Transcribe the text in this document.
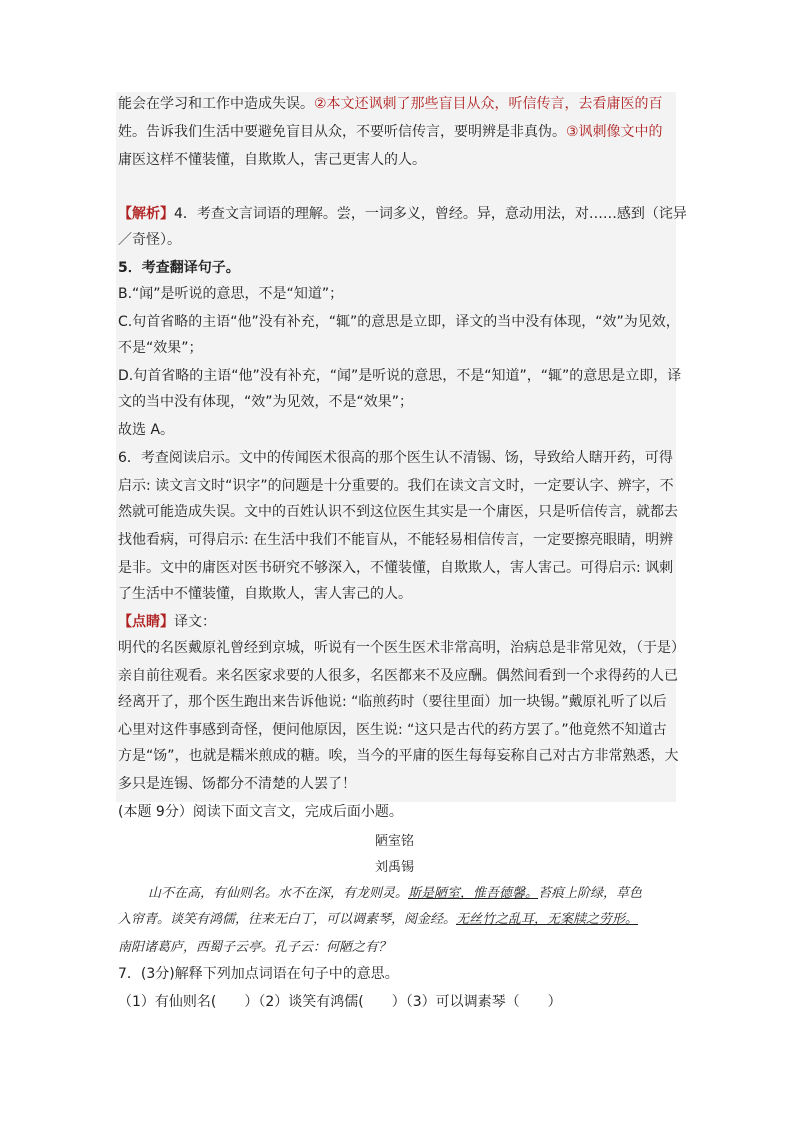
能会在学习和工作中造成失误。②本文还讽刺了那些盲目从众，听信传言，去看庸医的百
姓。告诉我们生活中要避免盲目从众，不要听信传言，要明辨是非真伪。③讽刺像文中的
庸医这样不懂装懂，自欺欺人，害己更害人的人。
【解析】4．考查文言词语的理解。尝，一词多义，曾经。异，意动用法，对……感到（诧异
／奇怪）。
5．考查翻译句子。
B.“闻”是听说的意思，不是“知道”；
C.句首省略的主语“他”没有补充，“辄”的意思是立即，译文的当中没有体现，“效”为见效，
不是“效果”；
D.句首省略的主语“他”没有补充，“闻”是听说的意思，不是“知道”，“辄”的意思是立即，译
文的当中没有体现，“效”为见效，不是“效果”；
故选 A。
6．考查阅读启示。文中的传闻医术很高的那个医生认不清锡、饧，导致给人瞎开药，可得
启示: 读文言文时“识字”的问题是十分重要的。我们在读文言文时，一定要认字、辨字，不
然就可能造成失误。文中的百姓认识不到这位医生其实是一个庸医，只是听信传言，就都去
找他看病，可得启示: 在生活中我们不能盲从，不能轻易相信传言，一定要擦亮眼睛，明辨
是非。文中的庸医对医书研究不够深入，不懂装懂，自欺欺人，害人害己。可得启示: 讽刺
了生活中不懂装懂，自欺欺人，害人害己的人。
【点睛】译文：
明代的名医戴原礼曾经到京城，听说有一个医生医术非常高明，治病总是非常见效，（于是）
亲自前往观看。来名医家求要的人很多，名医都来不及应酬。偶然间看到一个求得药的人已
经离开了，那个医生跑出来告诉他说: “临煎药时（要往里面）加一块锡。”戴原礼听了以后
心里对这件事感到奇怪，便问他原因，医生说: “这只是古代的药方罢了。”他竟然不知道古
方是“饧”，也就是糯米煎成的糖。唉，当今的平庸的医生每每妄称自己对古方非常熟悉，大
多只是连锡、饧都分不清楚的人罢了！
(本题 9分）阅读下面文言文，完成后面小题。
陋室铭
刘禹锡
山不在高，有仙则名。水不在深，有龙则灵。斯是陋室，惟吾德馨。苔痕上阶绿，草色
入帘青。谈笑有鸿儒，往来无白丁，可以调素琴，阅金经。无丝竹之乱耳，无案牍之劳形。
南阳诸葛庐，西蜀子云亭。孔子云：何陋之有？
7．(3分)解释下列加点词语在句子中的意思。
（1）有仙则名(　　）（2）谈笑有鸿儒(　　）（3）可以调素琴（　　）
